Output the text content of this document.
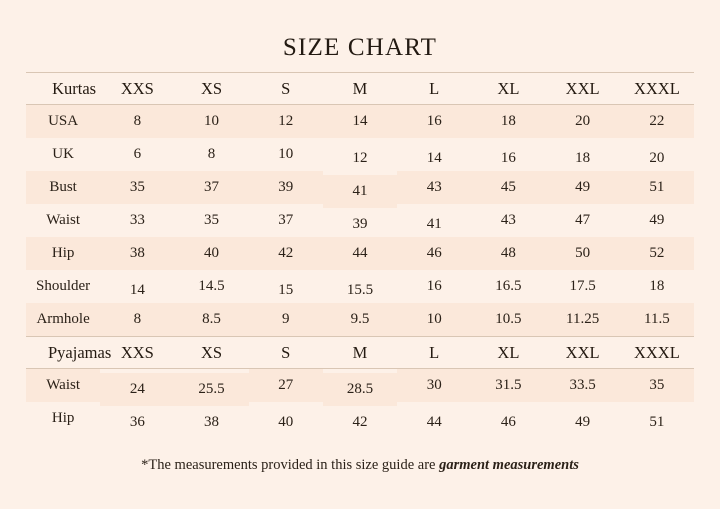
SIZE CHART
Kurtas	XXS	XS	S	M	L	XL	XXL	XXXL
USA	8	10	12	14	16	18	20	22
UK	6	8	10	12	14	16	18	20
Bust	35	37	39	41	43	45	49	51
Waist	33	35	37	39	41	43	47	49
Hip	38	40	42	44	46	48	50	52
Shoulder	14	14.5	15	15.5	16	16.5	17.5	18
Armhole	8	8.5	9	9.5	10	10.5	11.25	11.5
Pyajamas	XXS	XS	S	M	L	XL	XXL	XXXL
Waist	24	25.5	27	28.5	30	31.5	33.5	35
Hip	36	38	40	42	44	46	49	51
*The measurements provided in this size guide are garment measurements
